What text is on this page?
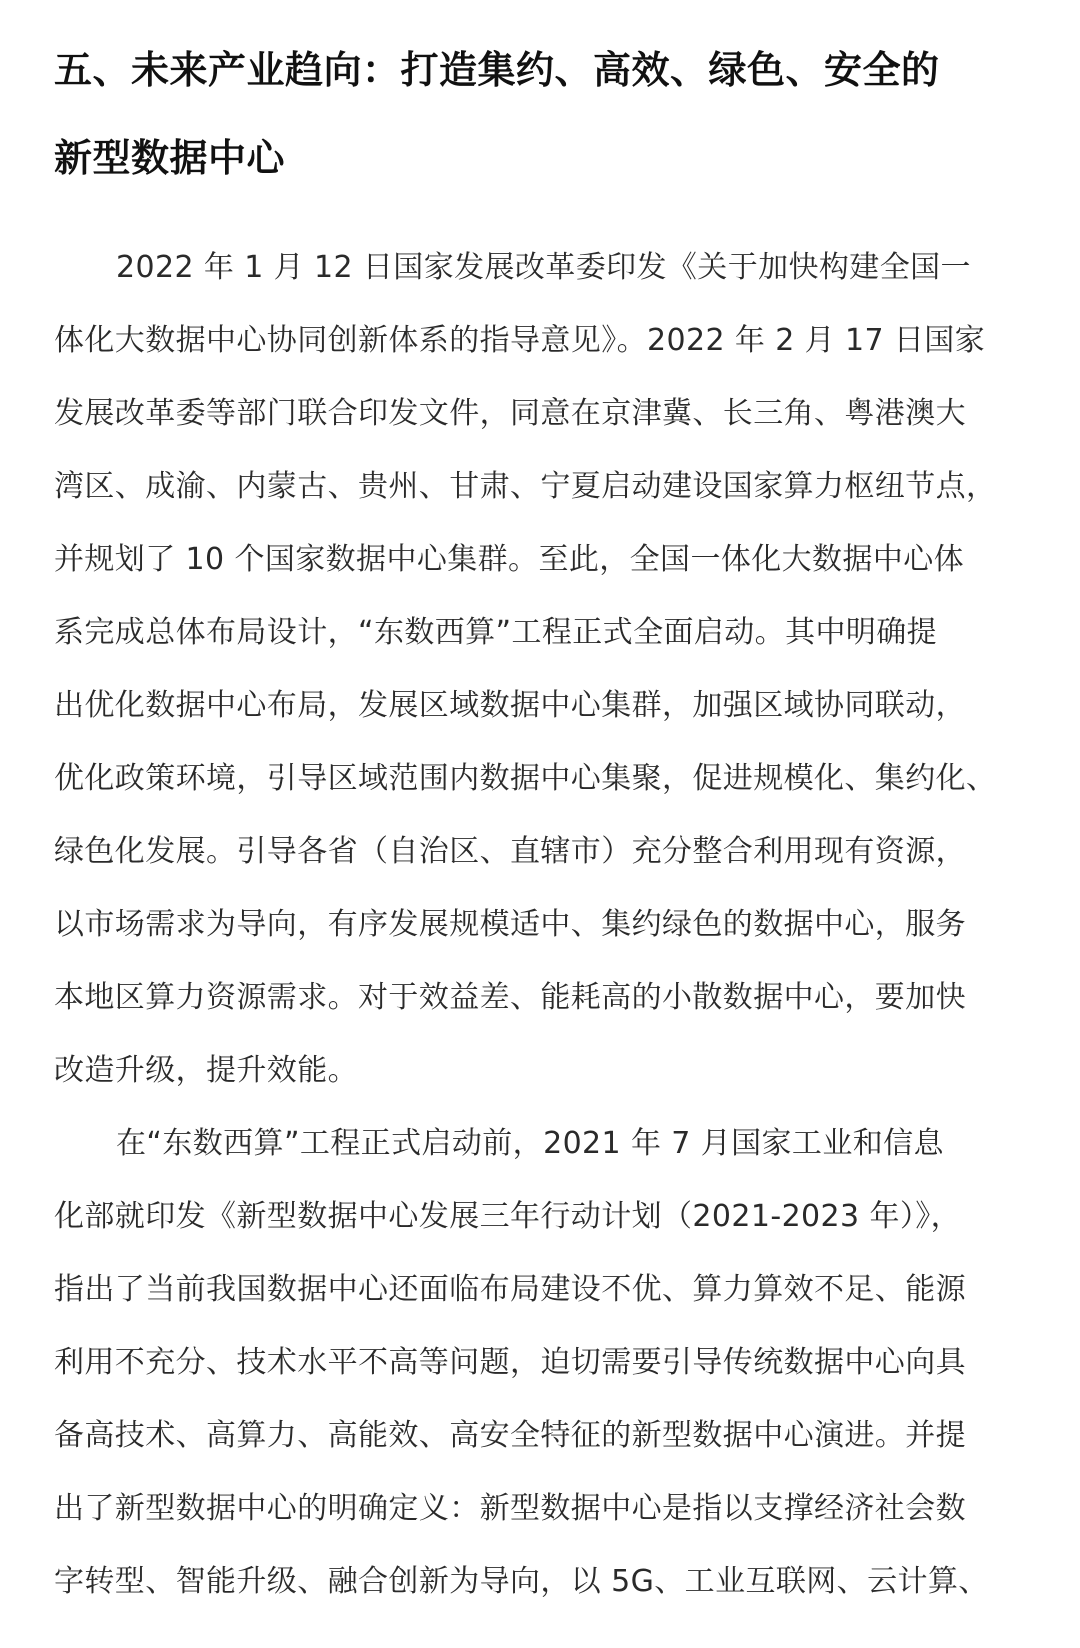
五、未来产业趋向：打造集约、高效、绿色、安全的
新型数据中心
2022 年 1 月 12 日国家发展改革委印发《关于加快构建全国一
体化大数据中心协同创新体系的指导意见》。2022 年 2 月 17 日国家
发展改革委等部门联合印发文件，同意在京津冀、长三角、粤港澳大
湾区、成渝、内蒙古、贵州、甘肃、宁夏启动建设国家算力枢纽节点，
并规划了 10 个国家数据中心集群。至此，全国一体化大数据中心体
系完成总体布局设计，“东数西算”工程正式全面启动。其中明确提
出优化数据中心布局，发展区域数据中心集群，加强区域协同联动，
优化政策环境，引导区域范围内数据中心集聚，促进规模化、集约化、
绿色化发展。引导各省（自治区、直辖市）充分整合利用现有资源，
以市场需求为导向，有序发展规模适中、集约绿色的数据中心，服务
本地区算力资源需求。对于效益差、能耗高的小散数据中心，要加快
改造升级，提升效能。
在“东数西算”工程正式启动前，2021 年 7 月国家工业和信息
化部就印发《新型数据中心发展三年行动计划（2021-2023 年）》，
指出了当前我国数据中心还面临布局建设不优、算力算效不足、能源
利用不充分、技术水平不高等问题，迫切需要引导传统数据中心向具
备高技术、高算力、高能效、高安全特征的新型数据中心演进。并提
出了新型数据中心的明确定义：新型数据中心是指以支撑经济社会数
字转型、智能升级、融合创新为导向，以 5G、工业互联网、云计算、
